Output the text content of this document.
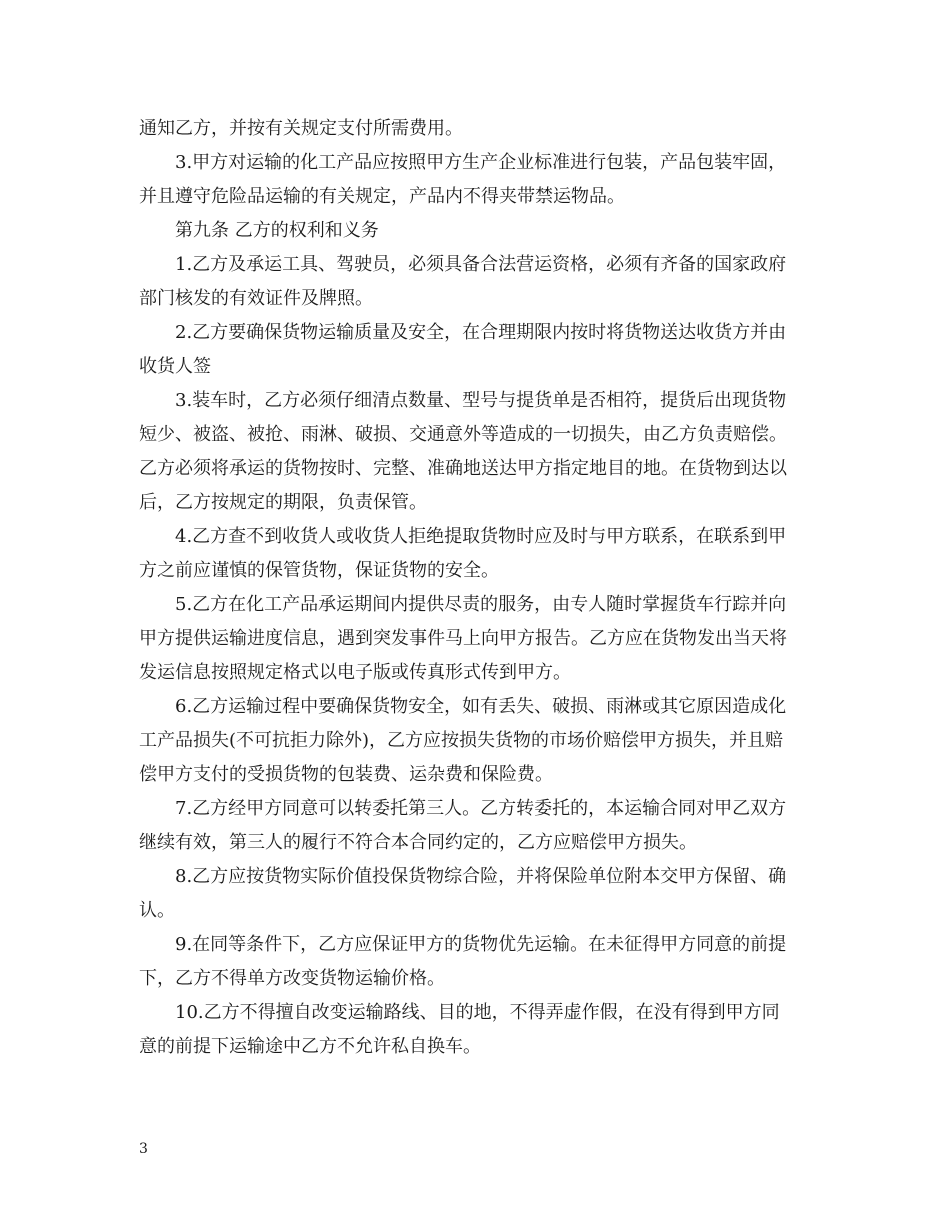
通知乙方，并按有关规定支付所需费用。

3.甲方对运输的化工产品应按照甲方生产企业标准进行包装，产品包装牢固，
并且遵守危险品运输的有关规定，产品内不得夹带禁运物品。

第九条 乙方的权利和义务

1.乙方及承运工具、驾驶员，必须具备合法营运资格，必须有齐备的国家政府
部门核发的有效证件及牌照。

2.乙方要确保货物运输质量及安全，在合理期限内按时将货物送达收货方并由
收货人签

3.装车时，乙方必须仔细清点数量、型号与提货单是否相符，提货后出现货物
短少、被盗、被抢、雨淋、破损、交通意外等造成的一切损失，由乙方负责赔偿。
乙方必须将承运的货物按时、完整、准确地送达甲方指定地目的地。在货物到达以
后，乙方按规定的期限，负责保管。

4.乙方查不到收货人或收货人拒绝提取货物时应及时与甲方联系，在联系到甲
方之前应谨慎的保管货物，保证货物的安全。

5.乙方在化工产品承运期间内提供尽责的服务，由专人随时掌握货车行踪并向
甲方提供运输进度信息，遇到突发事件马上向甲方报告。乙方应在货物发出当天将
发运信息按照规定格式以电子版或传真形式传到甲方。

6.乙方运输过程中要确保货物安全，如有丢失、破损、雨淋或其它原因造成化
工产品损失(不可抗拒力除外)，乙方应按损失货物的市场价赔偿甲方损失，并且赔
偿甲方支付的受损货物的包装费、运杂费和保险费。

7.乙方经甲方同意可以转委托第三人。乙方转委托的，本运输合同对甲乙双方
继续有效，第三人的履行不符合本合同约定的，乙方应赔偿甲方损失。

8.乙方应按货物实际价值投保货物综合险，并将保险单位附本交甲方保留、确
认。

9.在同等条件下，乙方应保证甲方的货物优先运输。在未征得甲方同意的前提
下，乙方不得单方改变货物运输价格。

10.乙方不得擅自改变运输路线、目的地，不得弄虚作假，在没有得到甲方同
意的前提下运输途中乙方不允许私自换车。

3
